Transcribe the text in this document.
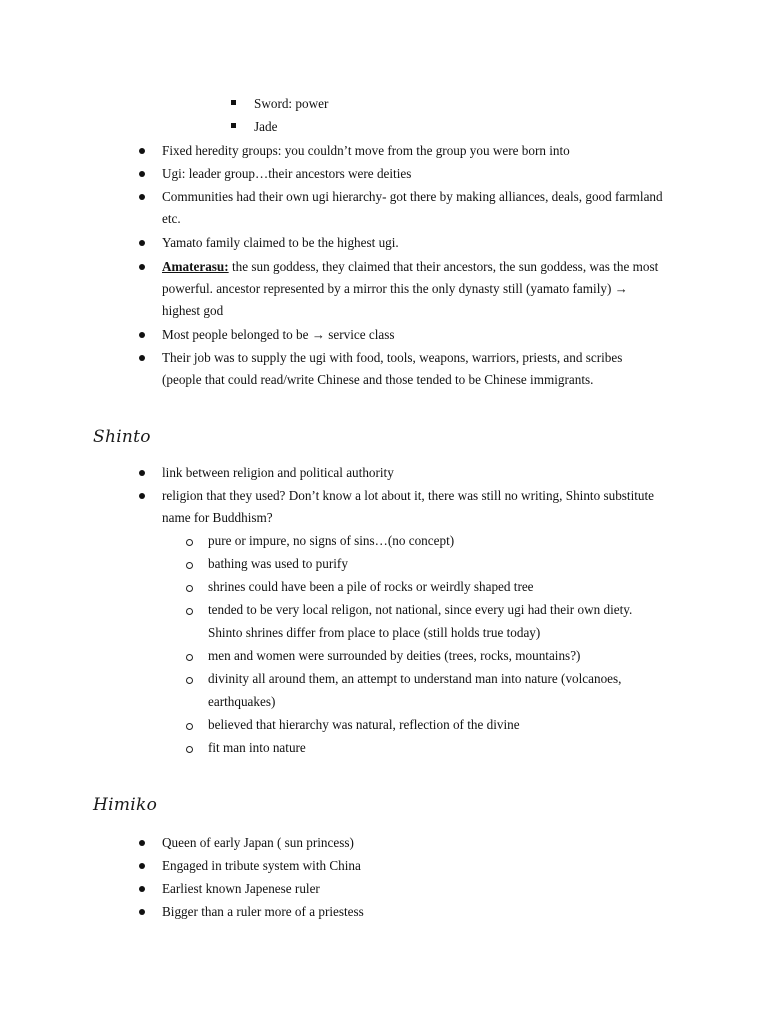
Sword: power
Jade
Fixed heredity groups: you couldn’t move from the group you were born into
Ugi: leader group…their ancestors were deities
Communities had their own ugi hierarchy- got there by making alliances, deals, good farmland
etc.
Yamato family claimed to be the highest ugi.
Amaterasu: the sun goddess, they claimed that their ancestors, the sun goddess, was the most
powerful. ancestor represented by a mirror this the only dynasty still (yamato family) →
highest god
Most people belonged to be → service class
Their job was to supply the ugi with food, tools, weapons, warriors, priests, and scribes
(people that could read/write Chinese and those tended to be Chinese immigrants.
Shinto
link between religion and political authority
religion that they used? Don’t know a lot about it, there was still no writing, Shinto substitute
name for Buddhism?
pure or impure, no signs of sins…(no concept)
bathing was used to purify
shrines could have been a pile of rocks or weirdly shaped tree
tended to be very local religon, not national, since every ugi had their own diety.
Shinto shrines differ from place to place (still holds true today)
men and women were surrounded by deities (trees, rocks, mountains?)
divinity all around them, an attempt to understand man into nature (volcanoes,
earthquakes)
believed that hierarchy was natural, reflection of the divine
fit man into nature
Himiko
Queen of early Japan ( sun princess)
Engaged in tribute system with China
Earliest known Japenese ruler
Bigger than a ruler more of a priestess
